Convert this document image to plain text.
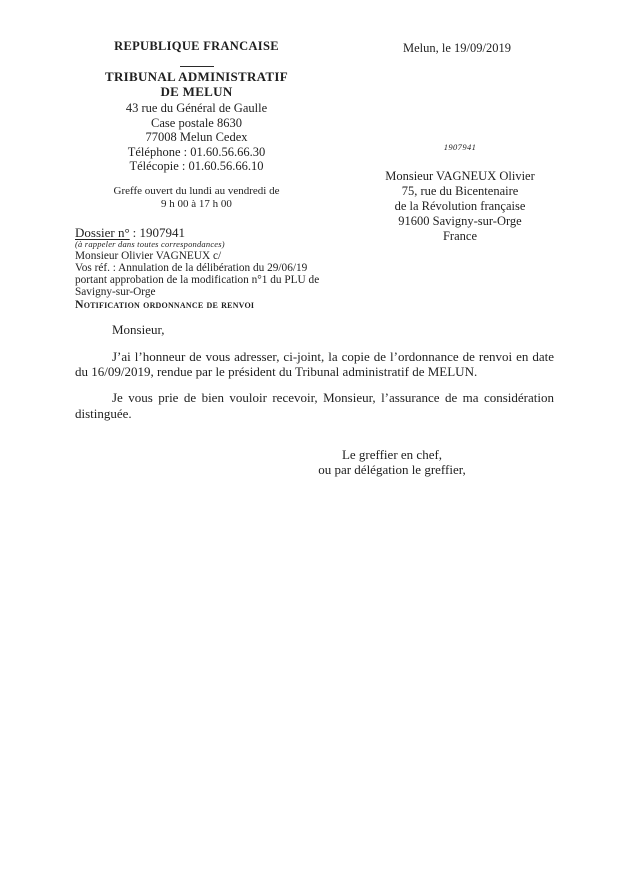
REPUBLIQUE FRANCAISE
TRIBUNAL ADMINISTRATIF
DE MELUN
43 rue du Général de Gaulle
Case postale 8630
77008 Melun Cedex
Téléphone : 01.60.56.66.30
Télécopie : 01.60.56.66.10
Greffe ouvert du lundi au vendredi de
9 h 00 à 17 h 00
Melun, le 19/09/2019
1907941
Monsieur VAGNEUX Olivier
75, rue du Bicentenaire
de la Révolution française
91600 Savigny-sur-Orge
France
Dossier n° : 1907941
(à rappeler dans toutes correspondances)
Monsieur Olivier VAGNEUX c/
Vos réf. : Annulation de la délibération du 29/06/19
portant approbation de la modification n°1 du PLU de
Savigny-sur-Orge
Notification ordonnance de renvoi
Monsieur,

J’ai l’honneur de vous adresser, ci-joint, la copie de l’ordonnance de renvoi en date du 16/09/2019, rendue par le président du Tribunal administratif de MELUN.

Je vous prie de bien vouloir recevoir, Monsieur, l’assurance de ma considération distinguée.

Le greffier en chef,
ou par délégation le greffier,
